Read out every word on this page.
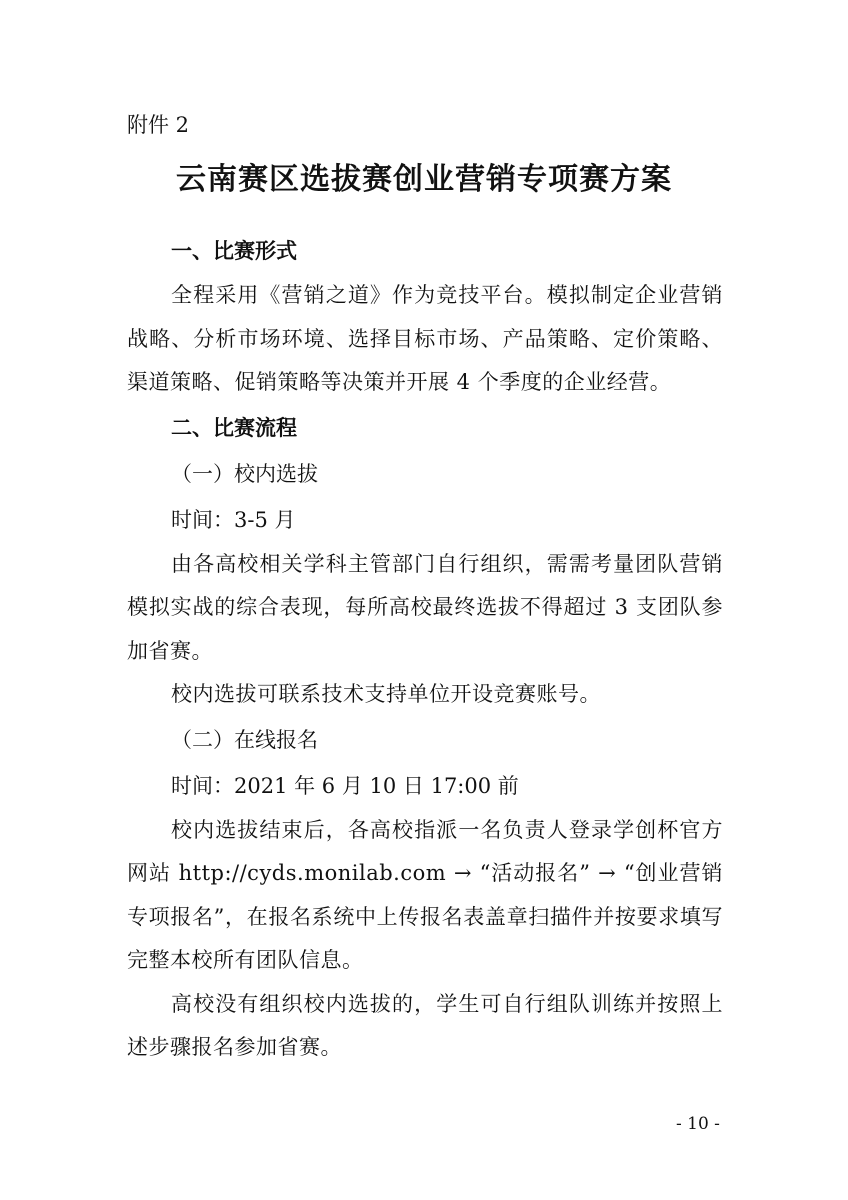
附件 2
云南赛区选拔赛创业营销专项赛方案
一、比赛形式
全程采用《营销之道》作为竞技平台。模拟制定企业营销战略、分析市场环境、选择目标市场、产品策略、定价策略、渠道策略、促销策略等决策并开展 4 个季度的企业经营。
二、比赛流程
（一）校内选拔
时间：3-5 月
由各高校相关学科主管部门自行组织，需需考量团队营销模拟实战的综合表现，每所高校最终选拔不得超过 3 支团队参加省赛。
校内选拔可联系技术支持单位开设竞赛账号。
（二）在线报名
时间：2021 年 6 月 10 日 17:00 前
校内选拔结束后，各高校指派一名负责人登录学创杯官方网站 http://cyds.monilab.com → “活动报名” → “创业营销专项报名”，在报名系统中上传报名表盖章扫描件并按要求填写完整本校所有团队信息。
高校没有组织校内选拔的，学生可自行组队训练并按照上述步骤报名参加省赛。
- 10 -
